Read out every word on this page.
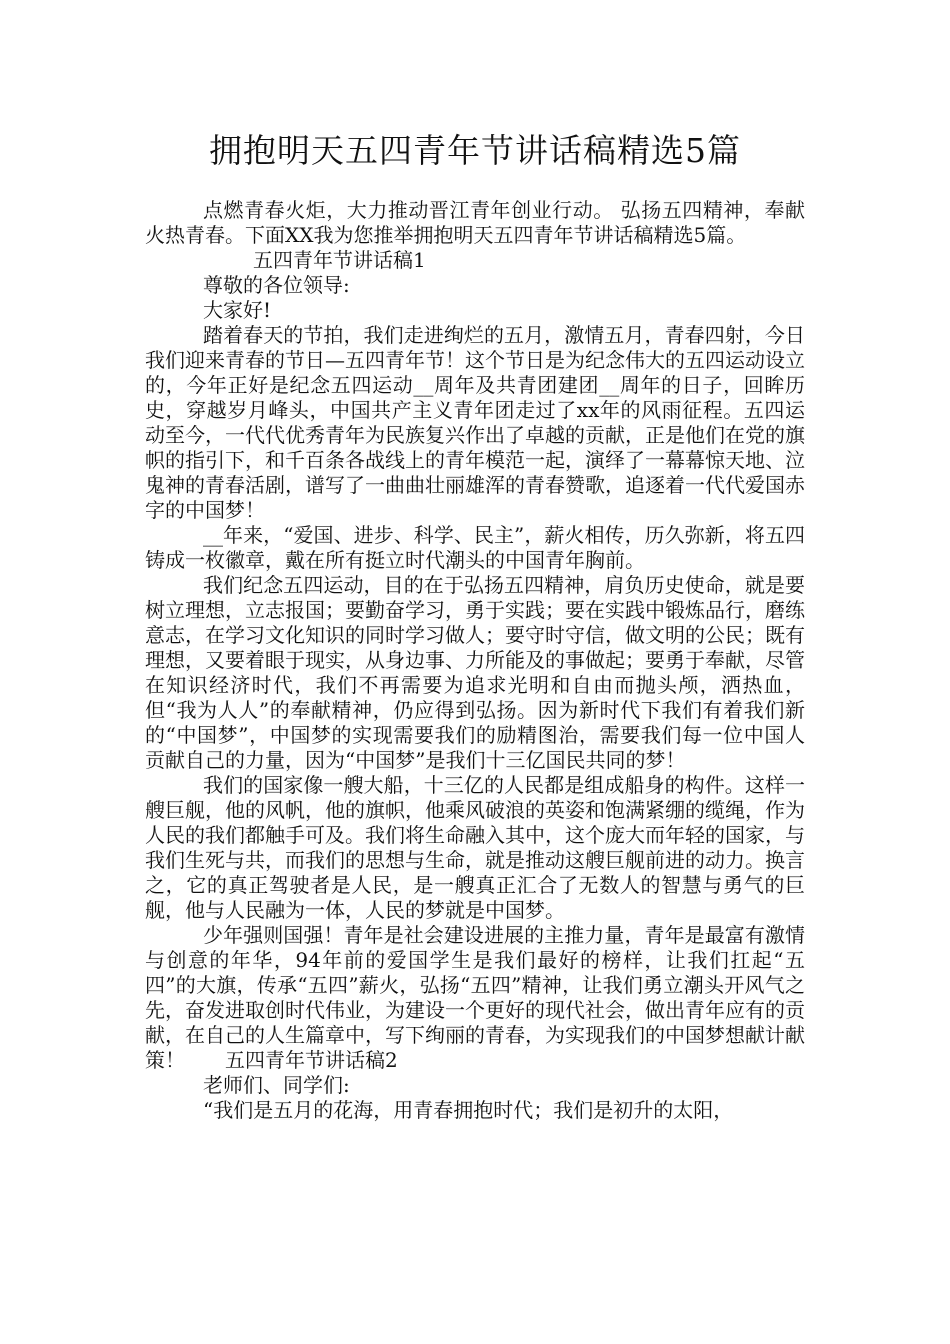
拥抱明天五四青年节讲话稿精选5篇

点燃青春火炬，大力推动晋江青年创业行动。 弘扬五四精神，奉献火热青春。下面XX我为您推举拥抱明天五四青年节讲话稿精选5篇。

五四青年节讲话稿1

尊敬的各位领导:

大家好!

踏着春天的节拍，我们走进绚烂的五月，激情五月，青春四射，今日我们迎来青春的节日—五四青年节！这个节日是为纪念伟大的五四运动设立的，今年正好是纪念五四运动__周年及共青团建团__周年的日子，回眸历史，穿越岁月峰头，中国共产主义青年团走过了xx年的风雨征程。五四运动至今，一代代优秀青年为民族复兴作出了卓越的贡献，正是他们在党的旗帜的指引下，和千百条各战线上的青年模范一起，演绎了一幕幕惊天地、泣鬼神的青春活剧，谱写了一曲曲壮丽雄浑的青春赞歌，追逐着一代代爱国赤字的中国梦！

__年来，“爱国、进步、科学、民主”，薪火相传，历久弥新，将五四铸成一枚徽章，戴在所有挺立时代潮头的中国青年胸前。

我们纪念五四运动，目的在于弘扬五四精神，肩负历史使命，就是要树立理想，立志报国；要勤奋学习，勇于实践；要在实践中锻炼品行，磨练意志，在学习文化知识的同时学习做人；要守时守信，做文明的公民；既有理想，又要着眼于现实，从身边事、力所能及的事做起；要勇于奉献，尽管在知识经济时代，我们不再需要为追求光明和自由而抛头颅，洒热血，但“我为人人”的奉献精神，仍应得到弘扬。因为新时代下我们有着我们新的“中国梦”，中国梦的实现需要我们的励精图治，需要我们每一位中国人贡献自己的力量，因为“中国梦”是我们十三亿国民共同的梦！

我们的国家像一艘大船，十三亿的人民都是组成船身的构件。这样一艘巨舰，他的风帆，他的旗帜，他乘风破浪的英姿和饱满紧绷的缆绳，作为人民的我们都触手可及。我们将生命融入其中，这个庞大而年轻的国家，与我们生死与共，而我们的思想与生命，就是推动这艘巨舰前进的动力。换言之，它的真正驾驶者是人民，是一艘真正汇合了无数人的智慧与勇气的巨舰，他与人民融为一体，人民的梦就是中国梦。

少年强则国强！青年是社会建设进展的主推力量，青年是最富有激情与创意的年华，94年前的爱国学生是我们最好的榜样，让我们扛起“五四”的大旗，传承“五四”薪火，弘扬“五四”精神，让我们勇立潮头开风气之先，奋发进取创时代伟业，为建设一个更好的现代社会，做出青年应有的贡献，在自己的人生篇章中，写下绚丽的青春，为实现我们的中国梦想献计献策！　　五四青年节讲话稿2

老师们、同学们:

“我们是五月的花海，用青春拥抱时代；我们是初升的太阳，
